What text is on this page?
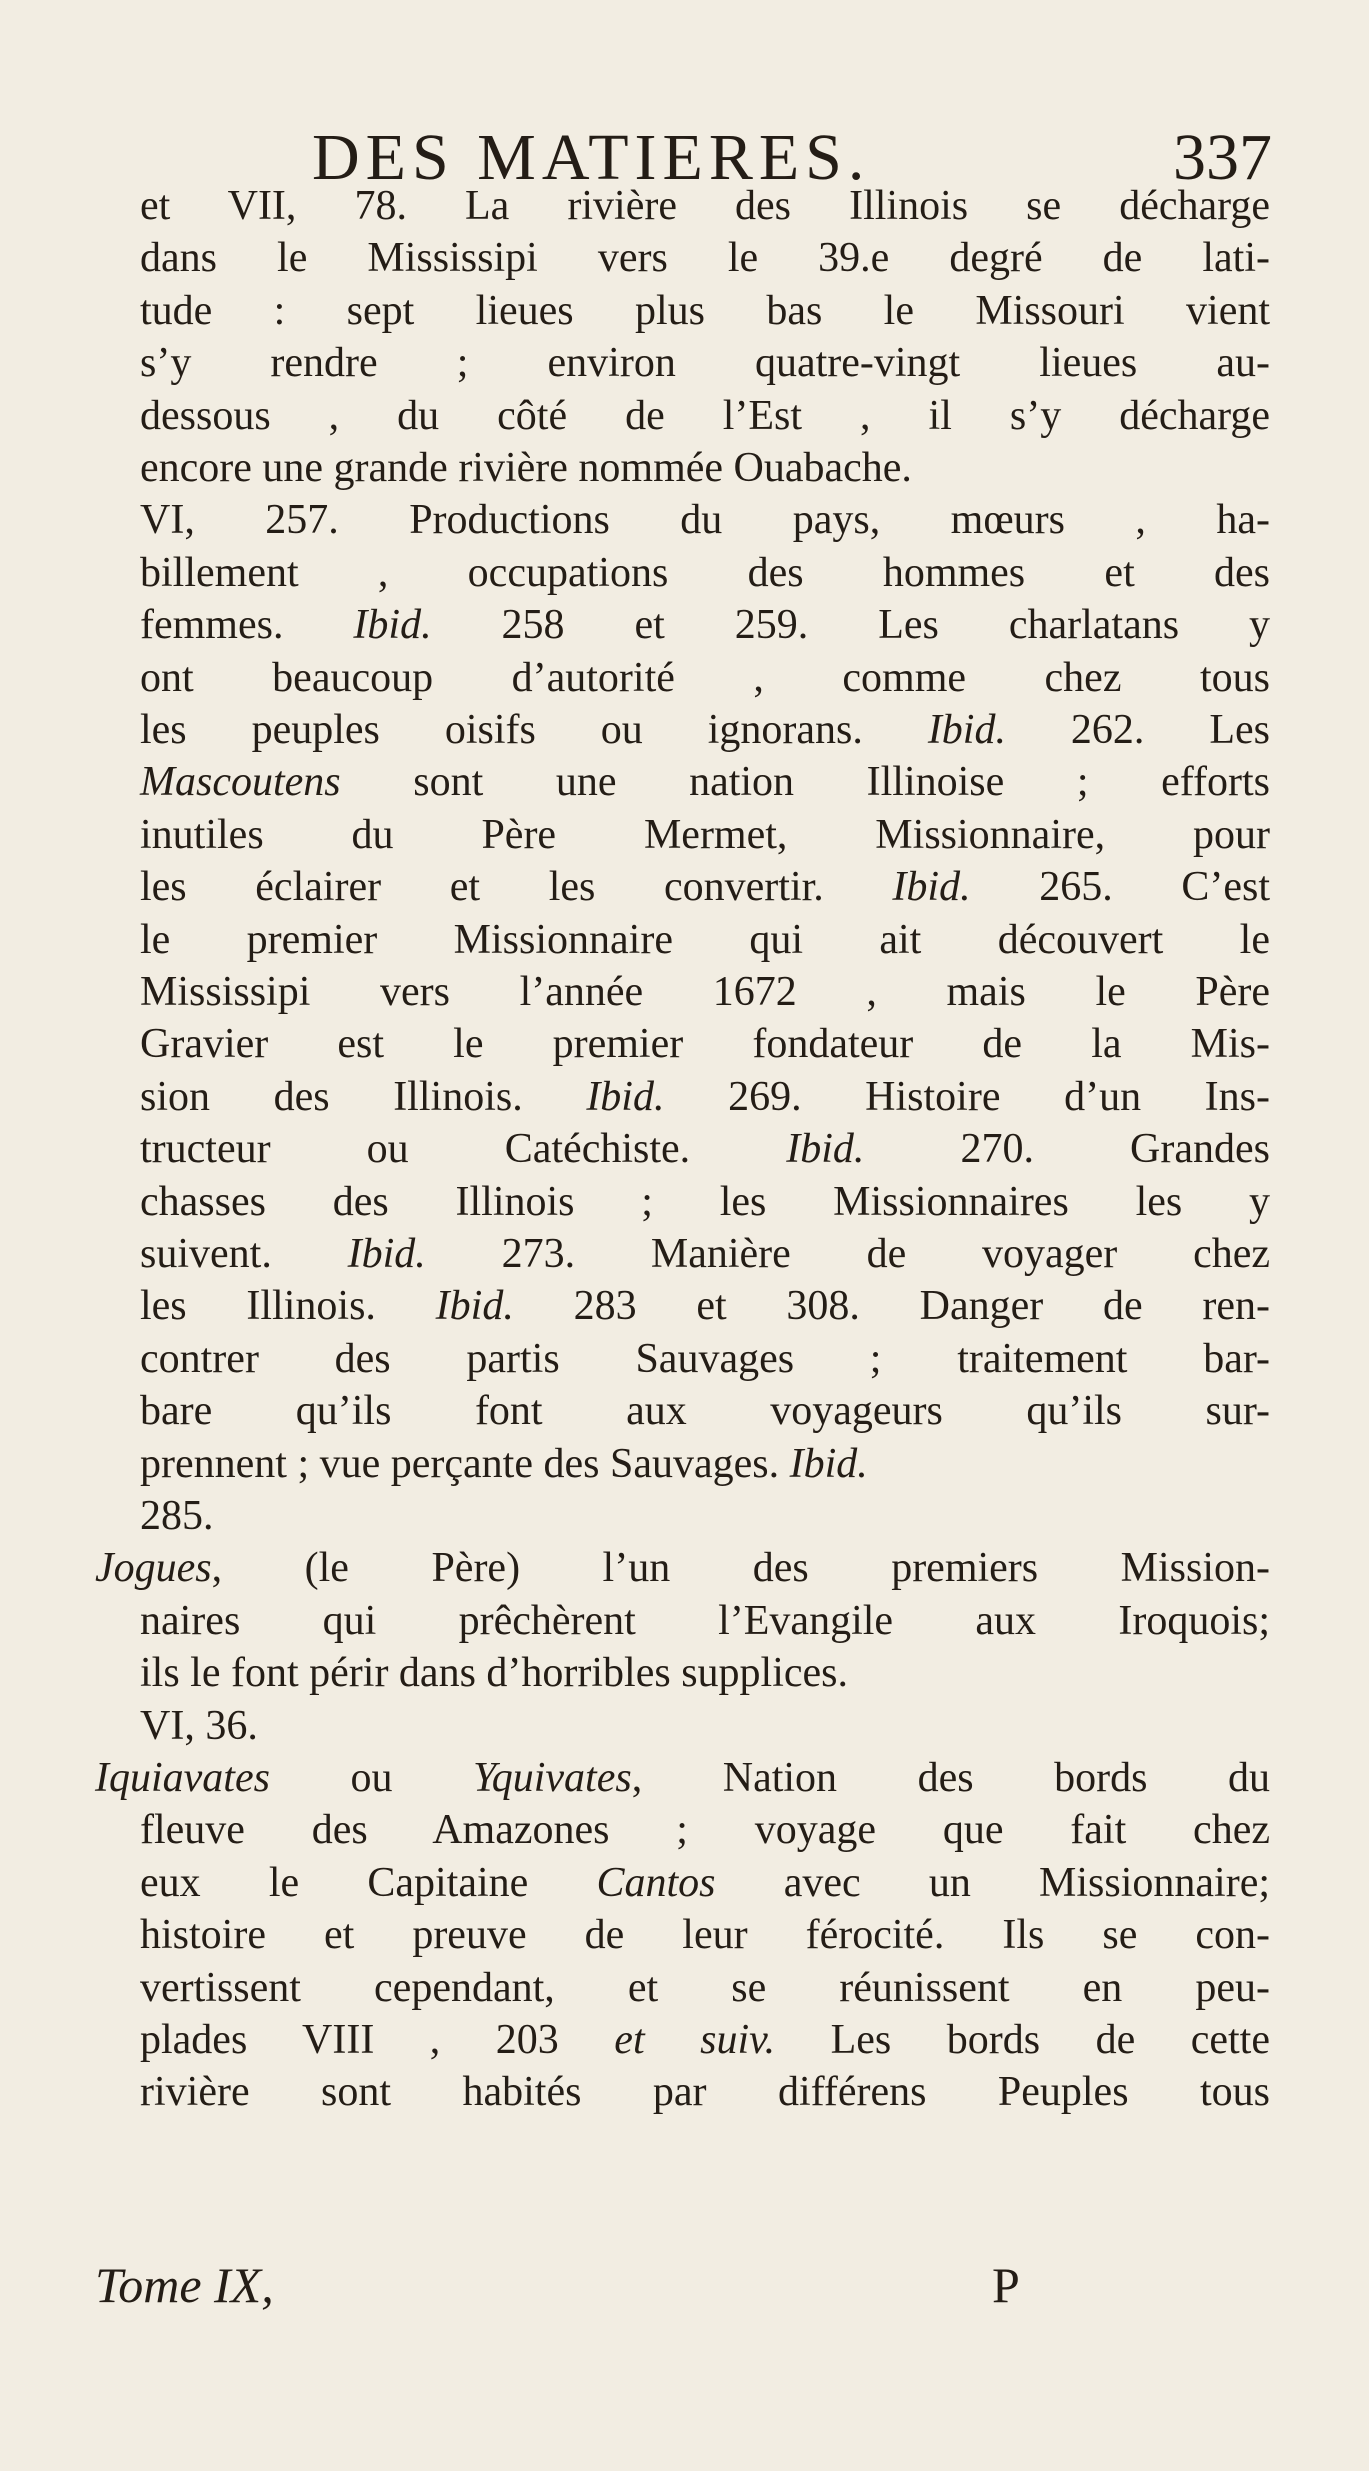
DES MATIERES.	337
et VII, 78. La rivière des Illinois se décharge
dans le Mississipi vers le 39.e degré de lati-
tude : sept lieues plus bas le Missouri vient
s’y rendre ; environ quatre-vingt lieues au-
dessous , du côté de l’Est , il s’y décharge
encore une grande rivière nommée Ouabache.
VI, 257. Productions du pays, mœurs , ha-
billement , occupations des hommes et des
femmes. Ibid. 258 et 259. Les charlatans y
ont beaucoup d’autorité , comme chez tous
les peuples oisifs ou ignorans. Ibid. 262. Les
Mascoutens sont une nation Illinoise ; efforts
inutiles du Père Mermet, Missionnaire, pour
les éclairer et les convertir. Ibid. 265. C’est
le premier Missionnaire qui ait découvert le
Mississipi vers l’année 1672 , mais le Père
Gravier est le premier fondateur de la Mis-
sion des Illinois. Ibid. 269. Histoire d’un Ins-
tructeur ou Catéchiste. Ibid. 270. Grandes
chasses des Illinois ; les Missionnaires les y
suivent. Ibid. 273. Manière de voyager chez
les Illinois. Ibid. 283 et 308. Danger de ren-
contrer des partis Sauvages ; traitement bar-
bare qu’ils font aux voyageurs qu’ils sur-
prennent ; vue perçante des Sauvages. Ibid.
285.
Jogues, (le Père) l’un des premiers Mission-
naires qui prêchèrent l’Evangile aux Iroquois;
ils le font périr dans d’horribles supplices.
VI, 36.
Iquiavates ou Yquivates, Nation des bords du
fleuve des Amazones ; voyage que fait chez
eux le Capitaine Cantos avec un Missionnaire;
histoire et preuve de leur férocité. Ils se con-
vertissent cependant, et se réunissent en peu-
plades VIII , 203 et suiv. Les bords de cette
rivière sont habités par différens Peuples tous
Tome IX,	P
